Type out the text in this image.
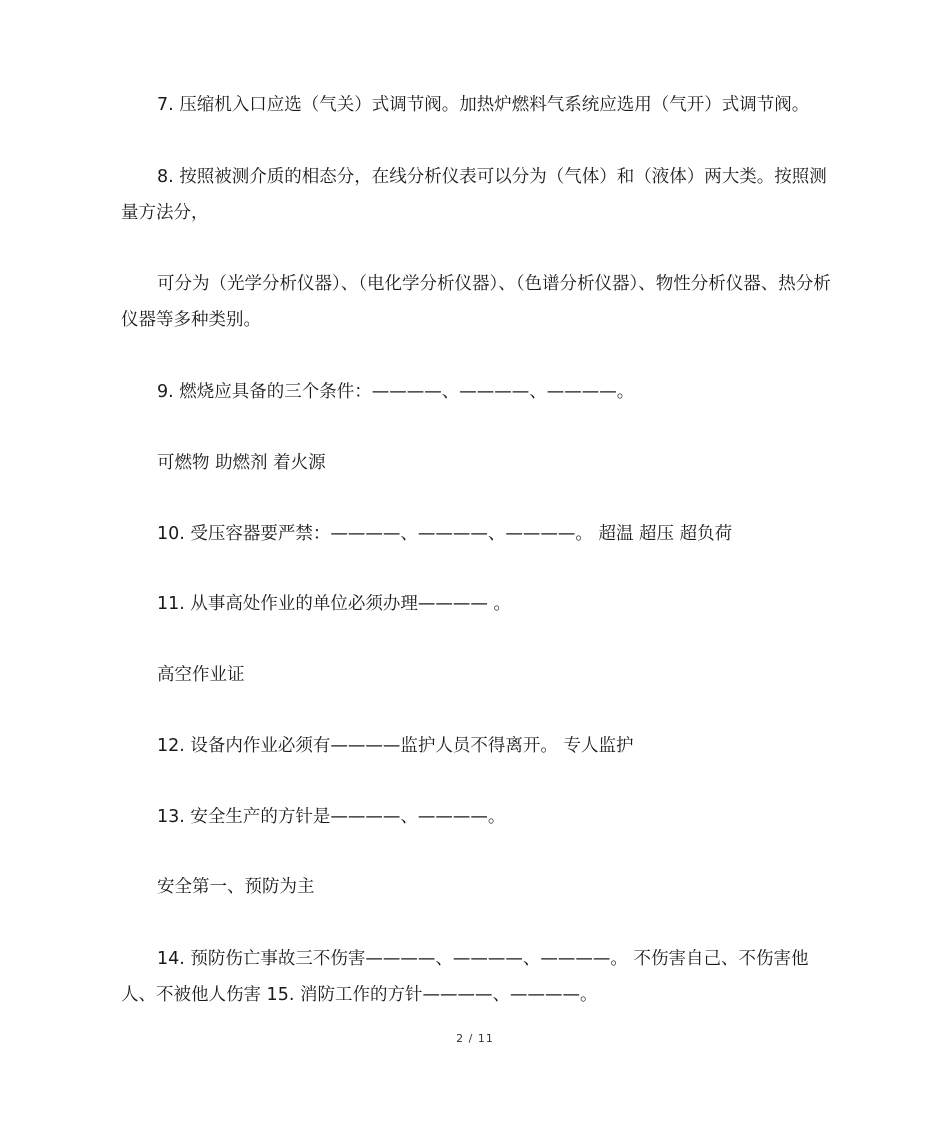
7. 压缩机入口应选（气关）式调节阀。加热炉燃料气系统应选用（气开）式调节阀。

8. 按照被测介质的相态分，在线分析仪表可以分为（气体）和（液体）两大类。按照测量方法分，

可分为（光学分析仪器）、（电化学分析仪器）、（色谱分析仪器）、物性分析仪器、热分析仪器等多种类别。

9. 燃烧应具备的三个条件：————、————、————。

可燃物 助燃剂 着火源

10. 受压容器要严禁：————、————、————。 超温 超压 超负荷

11. 从事高处作业的单位必须办理———— 。

高空作业证

12. 设备内作业必须有————监护人员不得离开。 专人监护

13. 安全生产的方针是————、————。

安全第一、预防为主

14. 预防伤亡事故三不伤害————、————、————。 不伤害自己、不伤害他人、不被他人伤害 15. 消防工作的方针————、————。

2 / 11
